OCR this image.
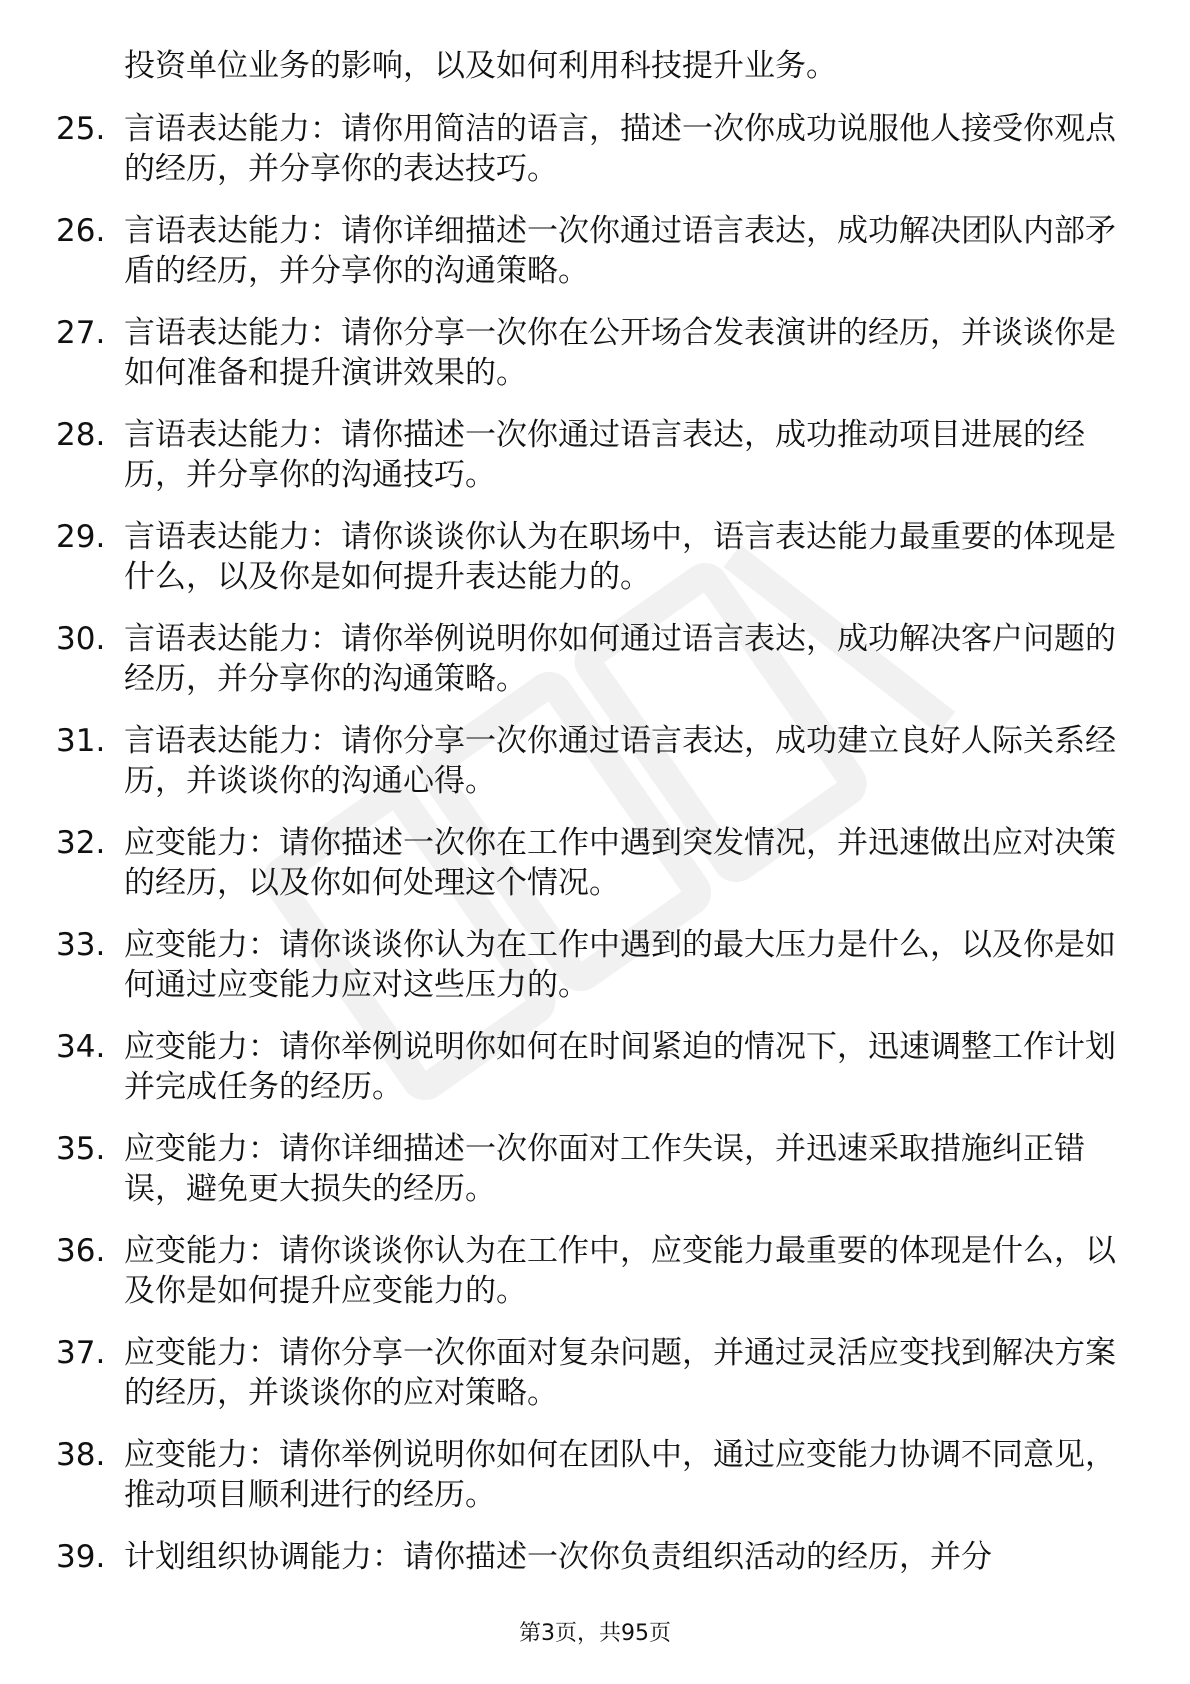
投资单位业务的影响，以及如何利用科技提升业务。

25. 言语表达能力：请你用简洁的语言，描述一次你成功说服他人接受你观点的经历，并分享你的表达技巧。
26. 言语表达能力：请你详细描述一次你通过语言表达，成功解决团队内部矛盾的经历，并分享你的沟通策略。
27. 言语表达能力：请你分享一次你在公开场合发表演讲的经历，并谈谈你是如何准备和提升演讲效果的。
28. 言语表达能力：请你描述一次你通过语言表达，成功推动项目进展的经历，并分享你的沟通技巧。
29. 言语表达能力：请你谈谈你认为在职场中，语言表达能力最重要的体现是什么，以及你是如何提升表达能力的。
30. 言语表达能力：请你举例说明你如何通过语言表达，成功解决客户问题的经历，并分享你的沟通策略。
31. 言语表达能力：请你分享一次你通过语言表达，成功建立良好人际关系经历，并谈谈你的沟通心得。
32. 应变能力：请你描述一次你在工作中遇到突发情况，并迅速做出应对决策的经历，以及你如何处理这个情况。
33. 应变能力：请你谈谈你认为在工作中遇到的最大压力是什么，以及你是如何通过应变能力应对这些压力的。
34. 应变能力：请你举例说明你如何在时间紧迫的情况下，迅速调整工作计划并完成任务的经历。
35. 应变能力：请你详细描述一次你面对工作失误，并迅速采取措施纠正错误，避免更大损失的经历。
36. 应变能力：请你谈谈你认为在工作中，应变能力最重要的体现是什么，以及你是如何提升应变能力的。
37. 应变能力：请你分享一次你面对复杂问题，并通过灵活应变找到解决方案的经历，并谈谈你的应对策略。
38. 应变能力：请你举例说明你如何在团队中，通过应变能力协调不同意见，推动项目顺利进行的经历。
39. 计划组织协调能力：请你描述一次你负责组织活动的经历，并分
第3页，共95页
